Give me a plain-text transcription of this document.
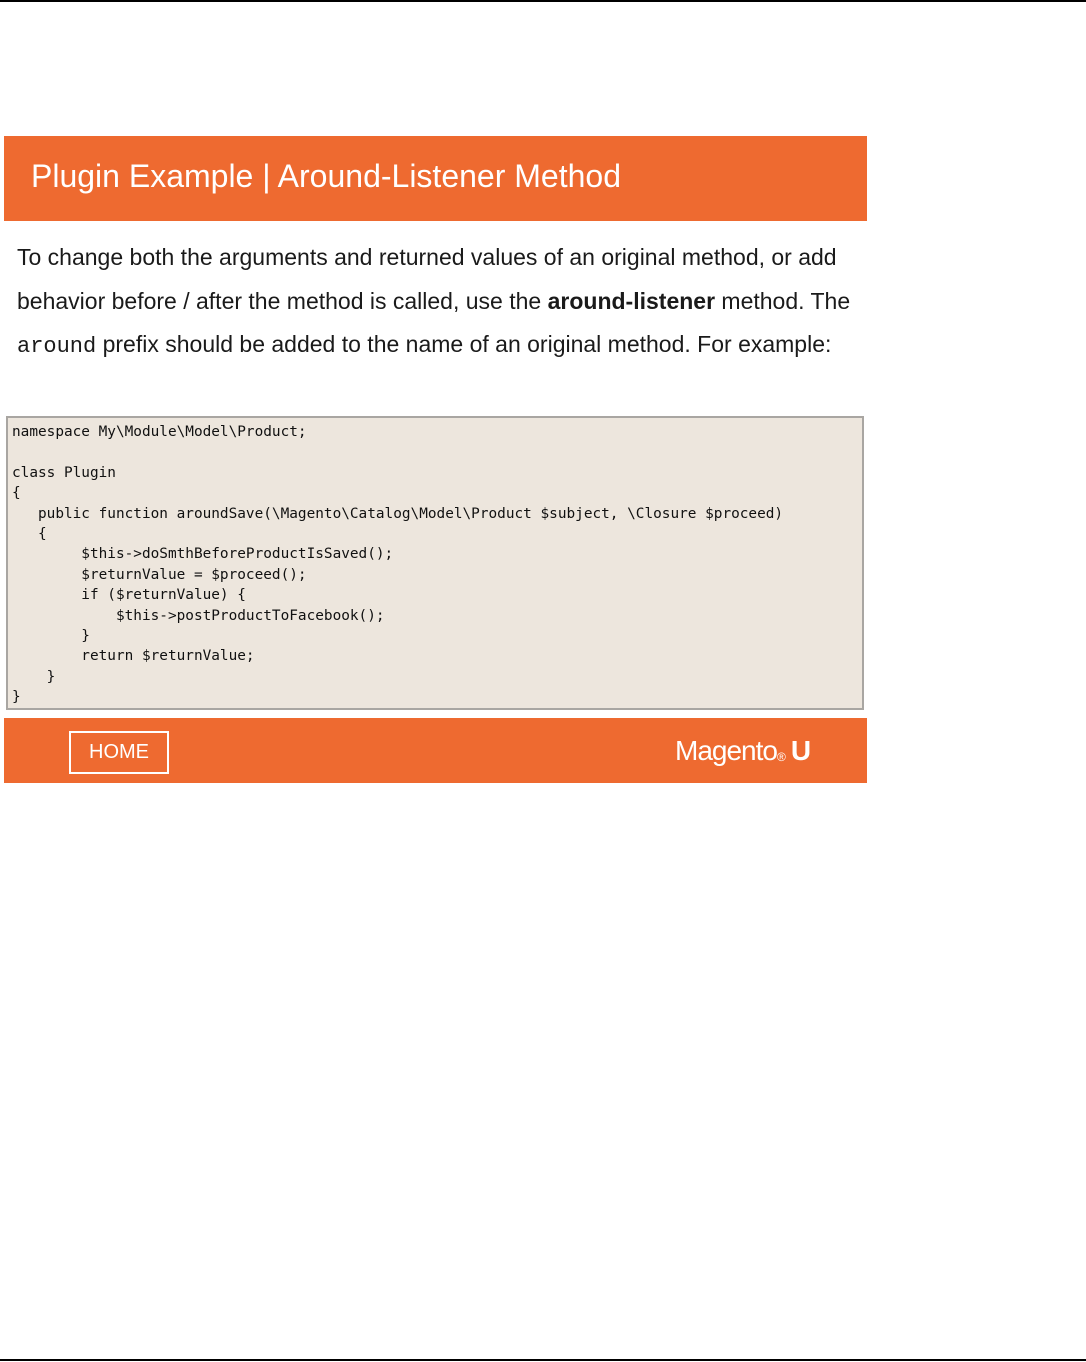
Plugin Example | Around-Listener Method

To change both the arguments and returned values of an original method, or add behavior before / after the method is called, use the around-listener method. The around prefix should be added to the name of an original method. For example:

namespace My\Module\Model\Product;
class Plugin
{
public function aroundSave(\Magento\Catalog\Model\Product $subject, \Closure $proceed)
{
$this->doSmthBeforeProductIsSaved();
$returnValue = $proceed();
if ($returnValue) {
$this->postProductToFacebook();
}
return $returnValue;
}
}
HOME	Magento® U
